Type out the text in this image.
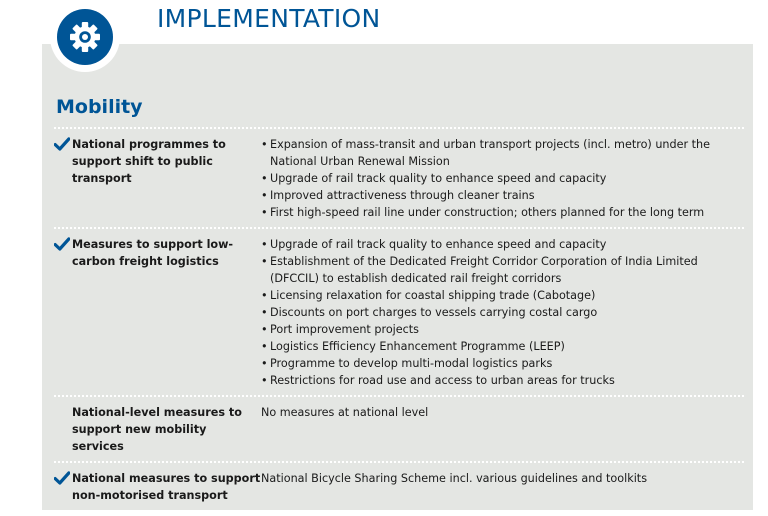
IMPLEMENTATION
Mobility
National programmes to support shift to public transport
• Expansion of mass-transit and urban transport projects (incl. metro) under the National Urban Renewal Mission
• Upgrade of rail track quality to enhance speed and capacity
• Improved attractiveness through cleaner trains
• First high-speed rail line under construction; others planned for the long term
Measures to support low-carbon freight logistics
• Upgrade of rail track quality to enhance speed and capacity
• Establishment of the Dedicated Freight Corridor Corporation of India Limited (DFCCIL) to establish dedicated rail freight corridors
• Licensing relaxation for coastal shipping trade (Cabotage)
• Discounts on port charges to vessels carrying costal cargo
• Port improvement projects
• Logistics Efficiency Enhancement Programme (LEEP)
• Programme to develop multi-modal logistics parks
• Restrictions for road use and access to urban areas for trucks
National-level measures to support new mobility services
No measures at national level
National measures to support non-motorised transport
National Bicycle Sharing Scheme incl. various guidelines and toolkits
